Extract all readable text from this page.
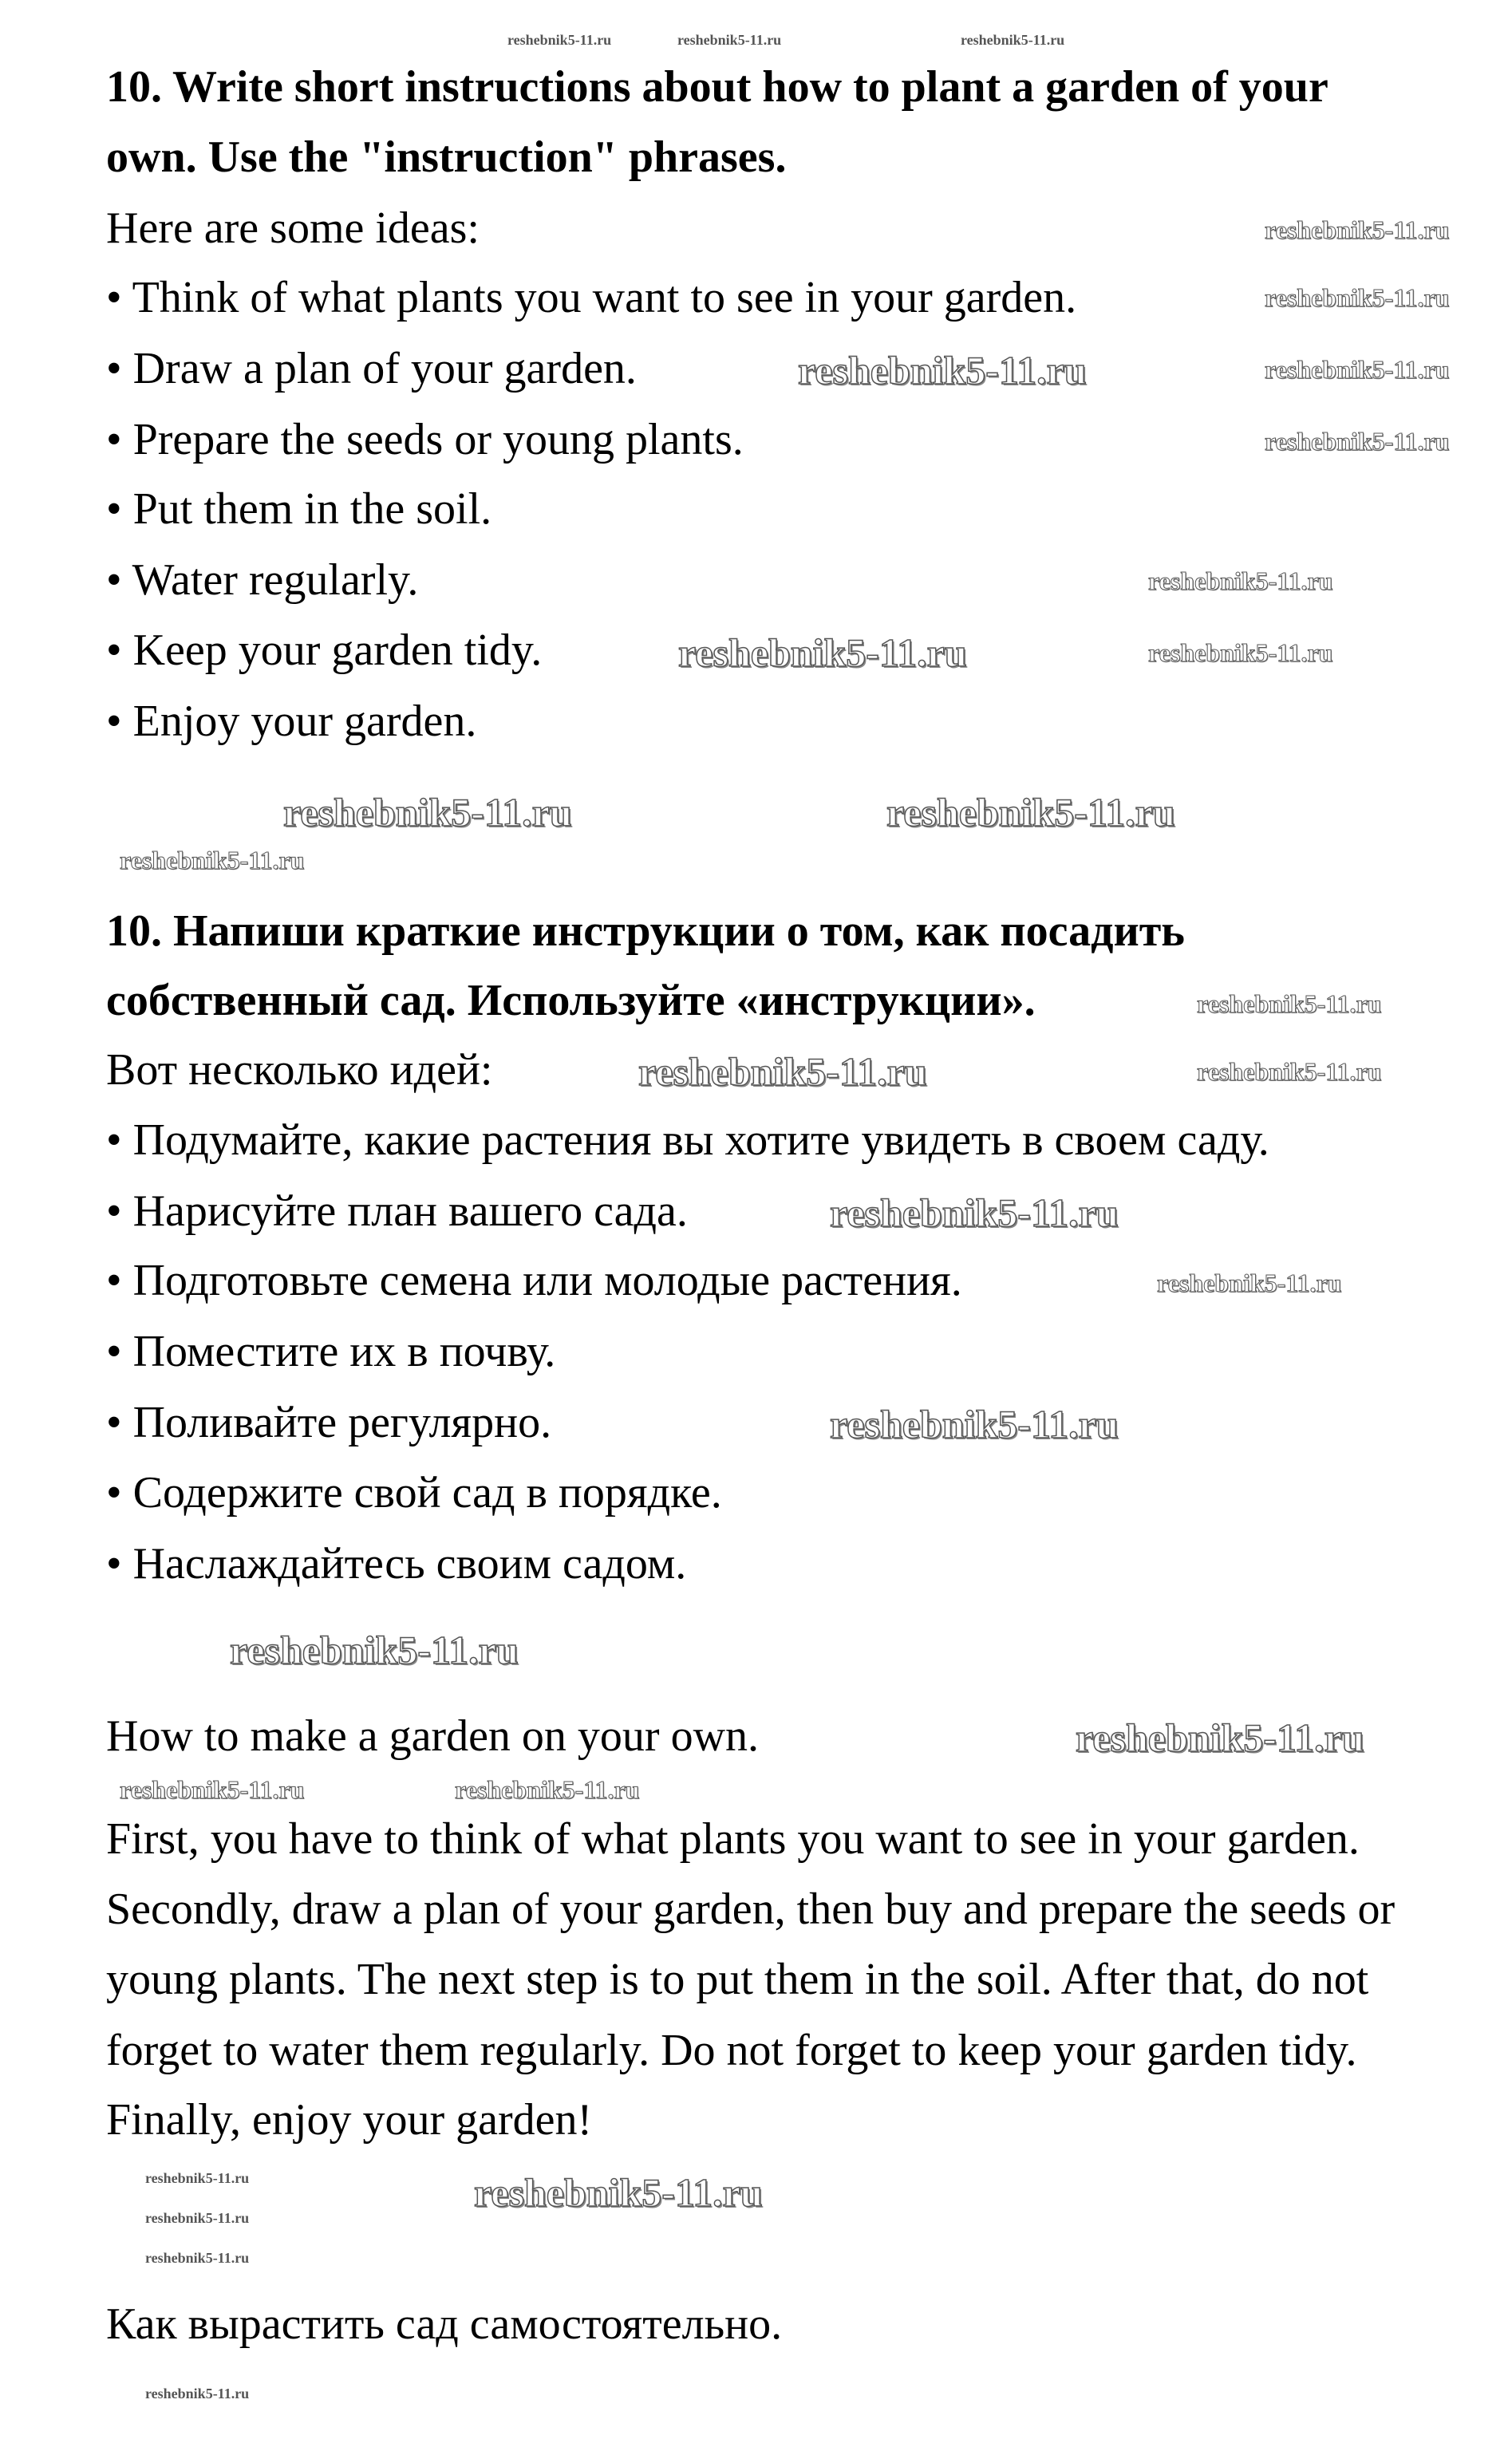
10. Write short instructions about how to plant a garden of your
own. Use the "instruction" phrases.
Here are some ideas:
• Think of what plants you want to see in your garden.
• Draw a plan of your garden.
• Prepare the seeds or young plants.
• Put them in the soil.
• Water regularly.
• Keep your garden tidy.
• Enjoy your garden.
10. Напиши краткие инструкции о том, как посадить
собственный сад. Используйте «инструкции».
Вот несколько идей:
• Подумайте, какие растения вы хотите увидеть в своем саду.
• Нарисуйте план вашего сада.
• Подготовьте семена или молодые растения.
• Поместите их в почву.
• Поливайте регулярно.
• Содержите свой сад в порядке.
• Наслаждайтесь своим садом.
How to make a garden on your own.
First, you have to think of what plants you want to see in your garden.
Secondly, draw a plan of your garden, then buy and prepare the seeds or
young plants. The next step is to put them in the soil. After that, do not
forget to water them regularly. Do not forget to keep your garden tidy.
Finally, enjoy your garden!
Как вырастить сад самостоятельно.
reshebnik5-11.ru
reshebnik5-11.ru
reshebnik5-11.ru	reshebnik5-11.ru
reshebnik5-11.ru
reshebnik5-11.ru
reshebnik5-11.ru
reshebnik5-11.ru
reshebnik5-11.ru
reshebnik5-11.ru
reshebnik5-11.ru
reshebnik5-11.ru
reshebnik5-11.ru
reshebnik5-11.ru
reshebnik5-11.ru
reshebnik5-11.ru
reshebnik5-11.ru
reshebnik5-11.ru
reshebnik5-11.ru
reshebnik5-11.ru
reshebnik5-11.ru	reshebnik5-11.ru
reshebnik5-11.ru	reshebnik5-11.ru	reshebnik5-11.ru
reshebnik5-11.ru
reshebnik5-11.ru
reshebnik5-11.ru
reshebnik5-11.ru
